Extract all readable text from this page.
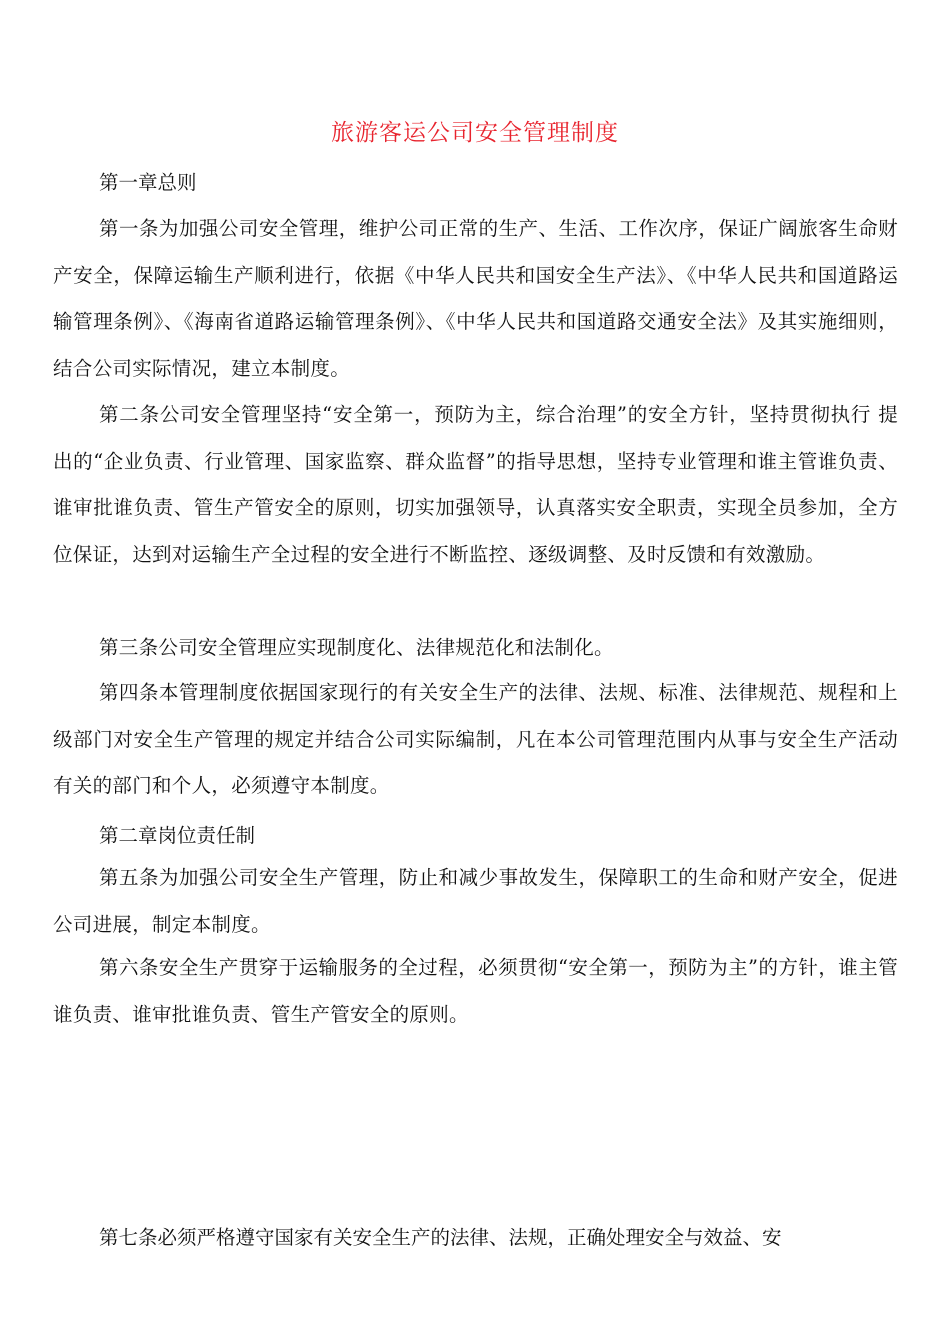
旅游客运公司安全管理制度
第一章总则
第一条为加强公司安全管理，维护公司正常的生产、生活、工作次序，保证广阔旅客生命财产安全，保障运输生产顺利进行，依据《中华人民共和国安全生产法》、《中华人民共和国道路运输管理条例》、《海南省道路运输管理条例》、《中华人民共和国道路交通安全法》及其实施细则，结合公司实际情况，建立本制度。
第二条公司安全管理坚持“安全第一，预防为主，综合治理”的安全方针，坚持贯彻执行 提出的“企业负责、行业管理、国家监察、群众监督”的指导思想，坚持专业管理和谁主管谁负责、谁审批谁负责、管生产管安全的原则，切实加强领导，认真落实安全职责，实现全员参加，全方位保证，达到对运输生产全过程的安全进行不断监控、逐级调整、及时反馈和有效激励。
第三条公司安全管理应实现制度化、法律规范化和法制化。
第四条本管理制度依据国家现行的有关安全生产的法律、法规、标准、法律规范、规程和上级部门对安全生产管理的规定并结合公司实际编制，凡在本公司管理范围内从事与安全生产活动有关的部门和个人，必须遵守本制度。
第二章岗位责任制
第五条为加强公司安全生产管理，防止和减少事故发生，保障职工的生命和财产安全，促进公司进展，制定本制度。
第六条安全生产贯穿于运输服务的全过程，必须贯彻“安全第一，预防为主”的方针，谁主管谁负责、谁审批谁负责、管生产管安全的原则。
第七条必须严格遵守国家有关安全生产的法律、法规，正确处理安全与效益、安
